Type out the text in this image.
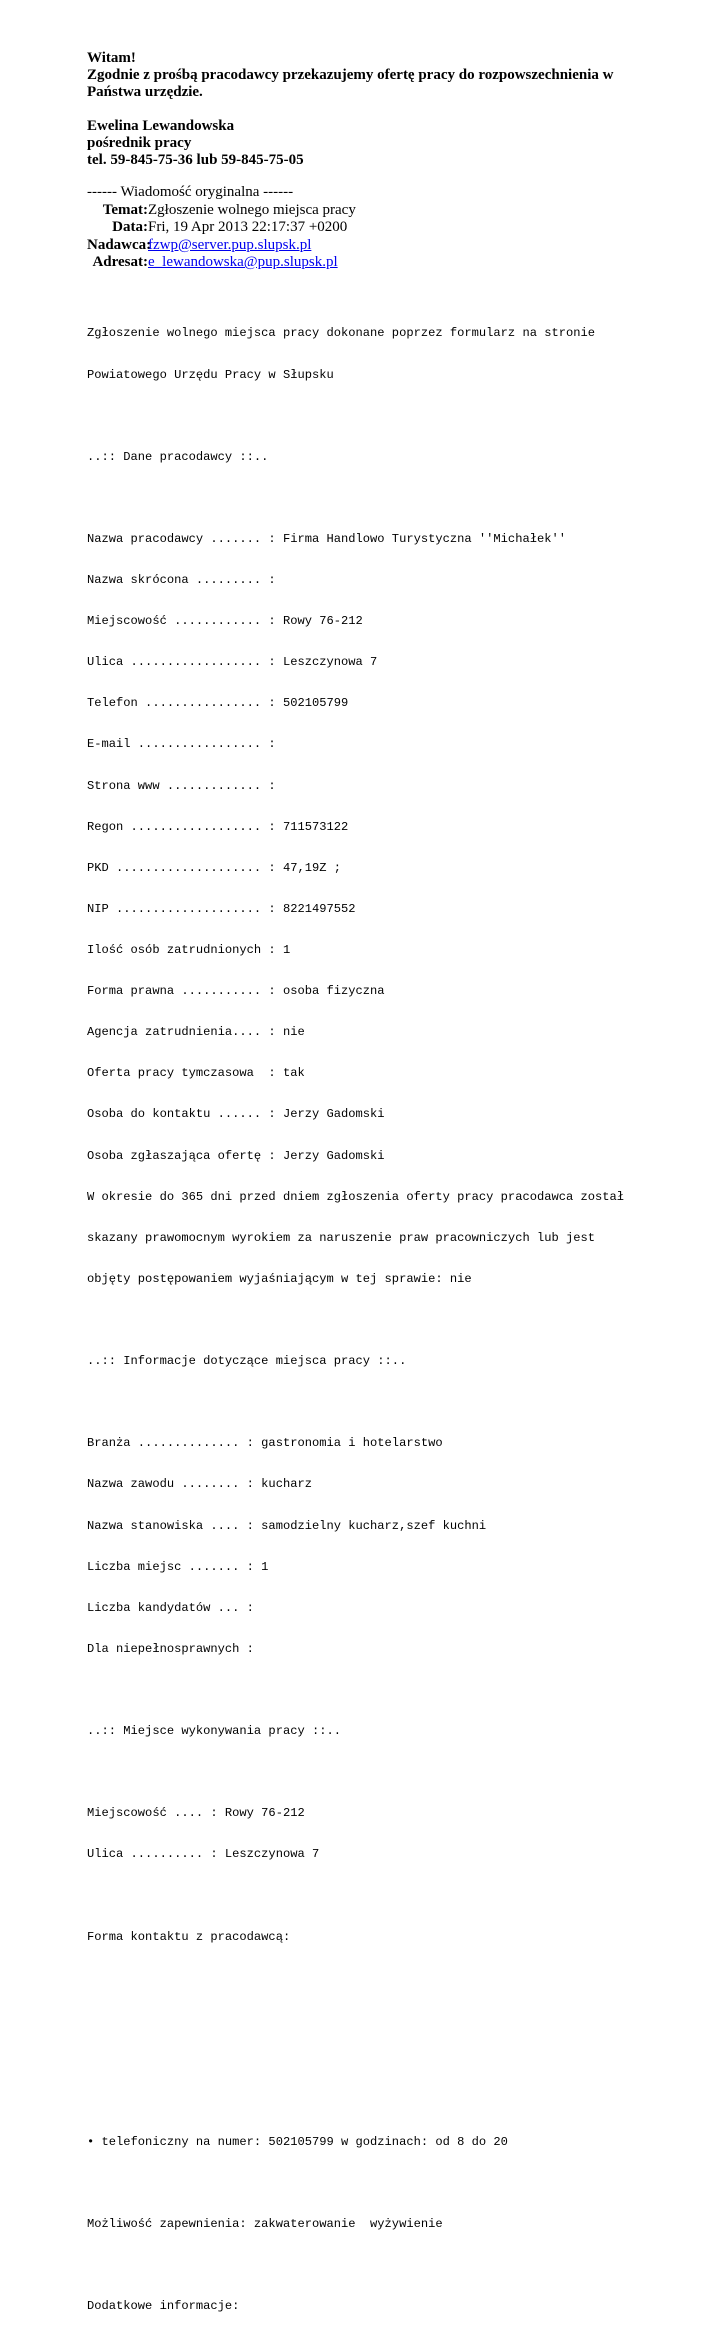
Witam!
Zgodnie z prośbą pracodawcy przekazujemy ofertę pracy do rozpowszechnienia w
Państwa urzędzie.
Ewelina Lewandowska
pośrednik pracy
tel. 59-845-75-36 lub 59-845-75-05
------ Wiadomość oryginalna ------
Temat:Zgłoszenie wolnego miejsca pracy
Data:Fri, 19 Apr 2013 22:17:37 +0200
Nadawca:fzwp@server.pup.slupsk.pl
Adresat:e_lewandowska@pup.slupsk.pl

Zgłoszenie wolnego miejsca pracy dokonane poprzez formularz na stronie

Powiatowego Urzędu Pracy w Słupsku

..:: Dane pracodawcy ::..

Nazwa pracodawcy ....... : Firma Handlowo Turystyczna ''Michałek''

Nazwa skrócona ......... :

Miejscowość ............ : Rowy 76-212

Ulica .................. : Leszczynowa 7

Telefon ................ : 502105799

E-mail ................. :

Strona www ............. :

Regon .................. : 711573122

PKD .................... : 47,19Z ;

NIP .................... : 8221497552

Ilość osób zatrudnionych : 1

Forma prawna ........... : osoba fizyczna

Agencja zatrudnienia.... : nie

Oferta pracy tymczasowa  : tak

Osoba do kontaktu ...... : Jerzy Gadomski

Osoba zgłaszająca ofertę : Jerzy Gadomski

W okresie do 365 dni przed dniem zgłoszenia oferty pracy pracodawca został

skazany prawomocnym wyrokiem za naruszenie praw pracowniczych lub jest

objęty postępowaniem wyjaśniającym w tej sprawie: nie

..:: Informacje dotyczące miejsca pracy ::..

Branża .............. : gastronomia i hotelarstwo

Nazwa zawodu ........ : kucharz

Nazwa stanowiska .... : samodzielny kucharz,szef kuchni

Liczba miejsc ....... : 1

Liczba kandydatów ... :

Dla niepełnosprawnych :

..:: Miejsce wykonywania pracy ::..

Miejscowość .... : Rowy 76-212

Ulica .......... : Leszczynowa 7

Forma kontaktu z pracodawcą:

• telefoniczny na numer: 502105799 w godzinach: od 8 do 20

Możliwość zapewnienia: zakwaterowanie  wyżywienie

Dodatkowe informacje:
